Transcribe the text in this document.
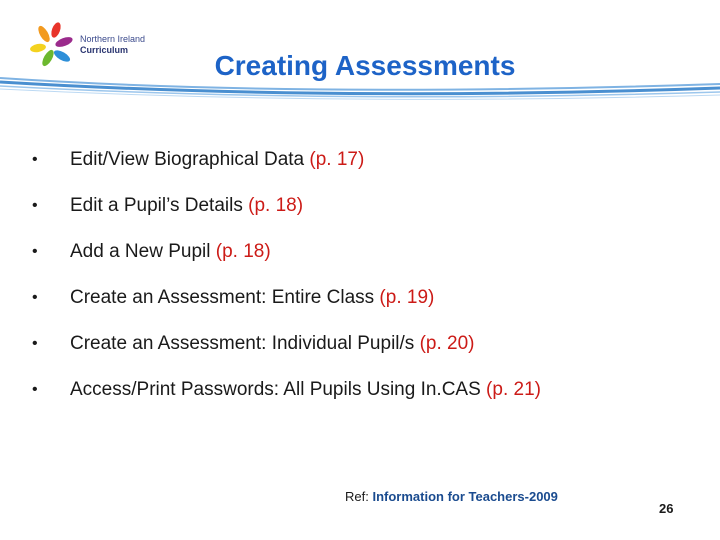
Northern Ireland
Curriculum	Creating Assessments
• Edit/View Biographical Data (p. 17)
• Edit a Pupil’s Details (p. 18)
• Add a New Pupil (p. 18)
• Create an Assessment: Entire Class (p. 19)
• Create an Assessment: Individual Pupil/s (p. 20)
• Access/Print Passwords: All Pupils Using In.CAS (p. 21)
Ref: Information for Teachers-2009
26
